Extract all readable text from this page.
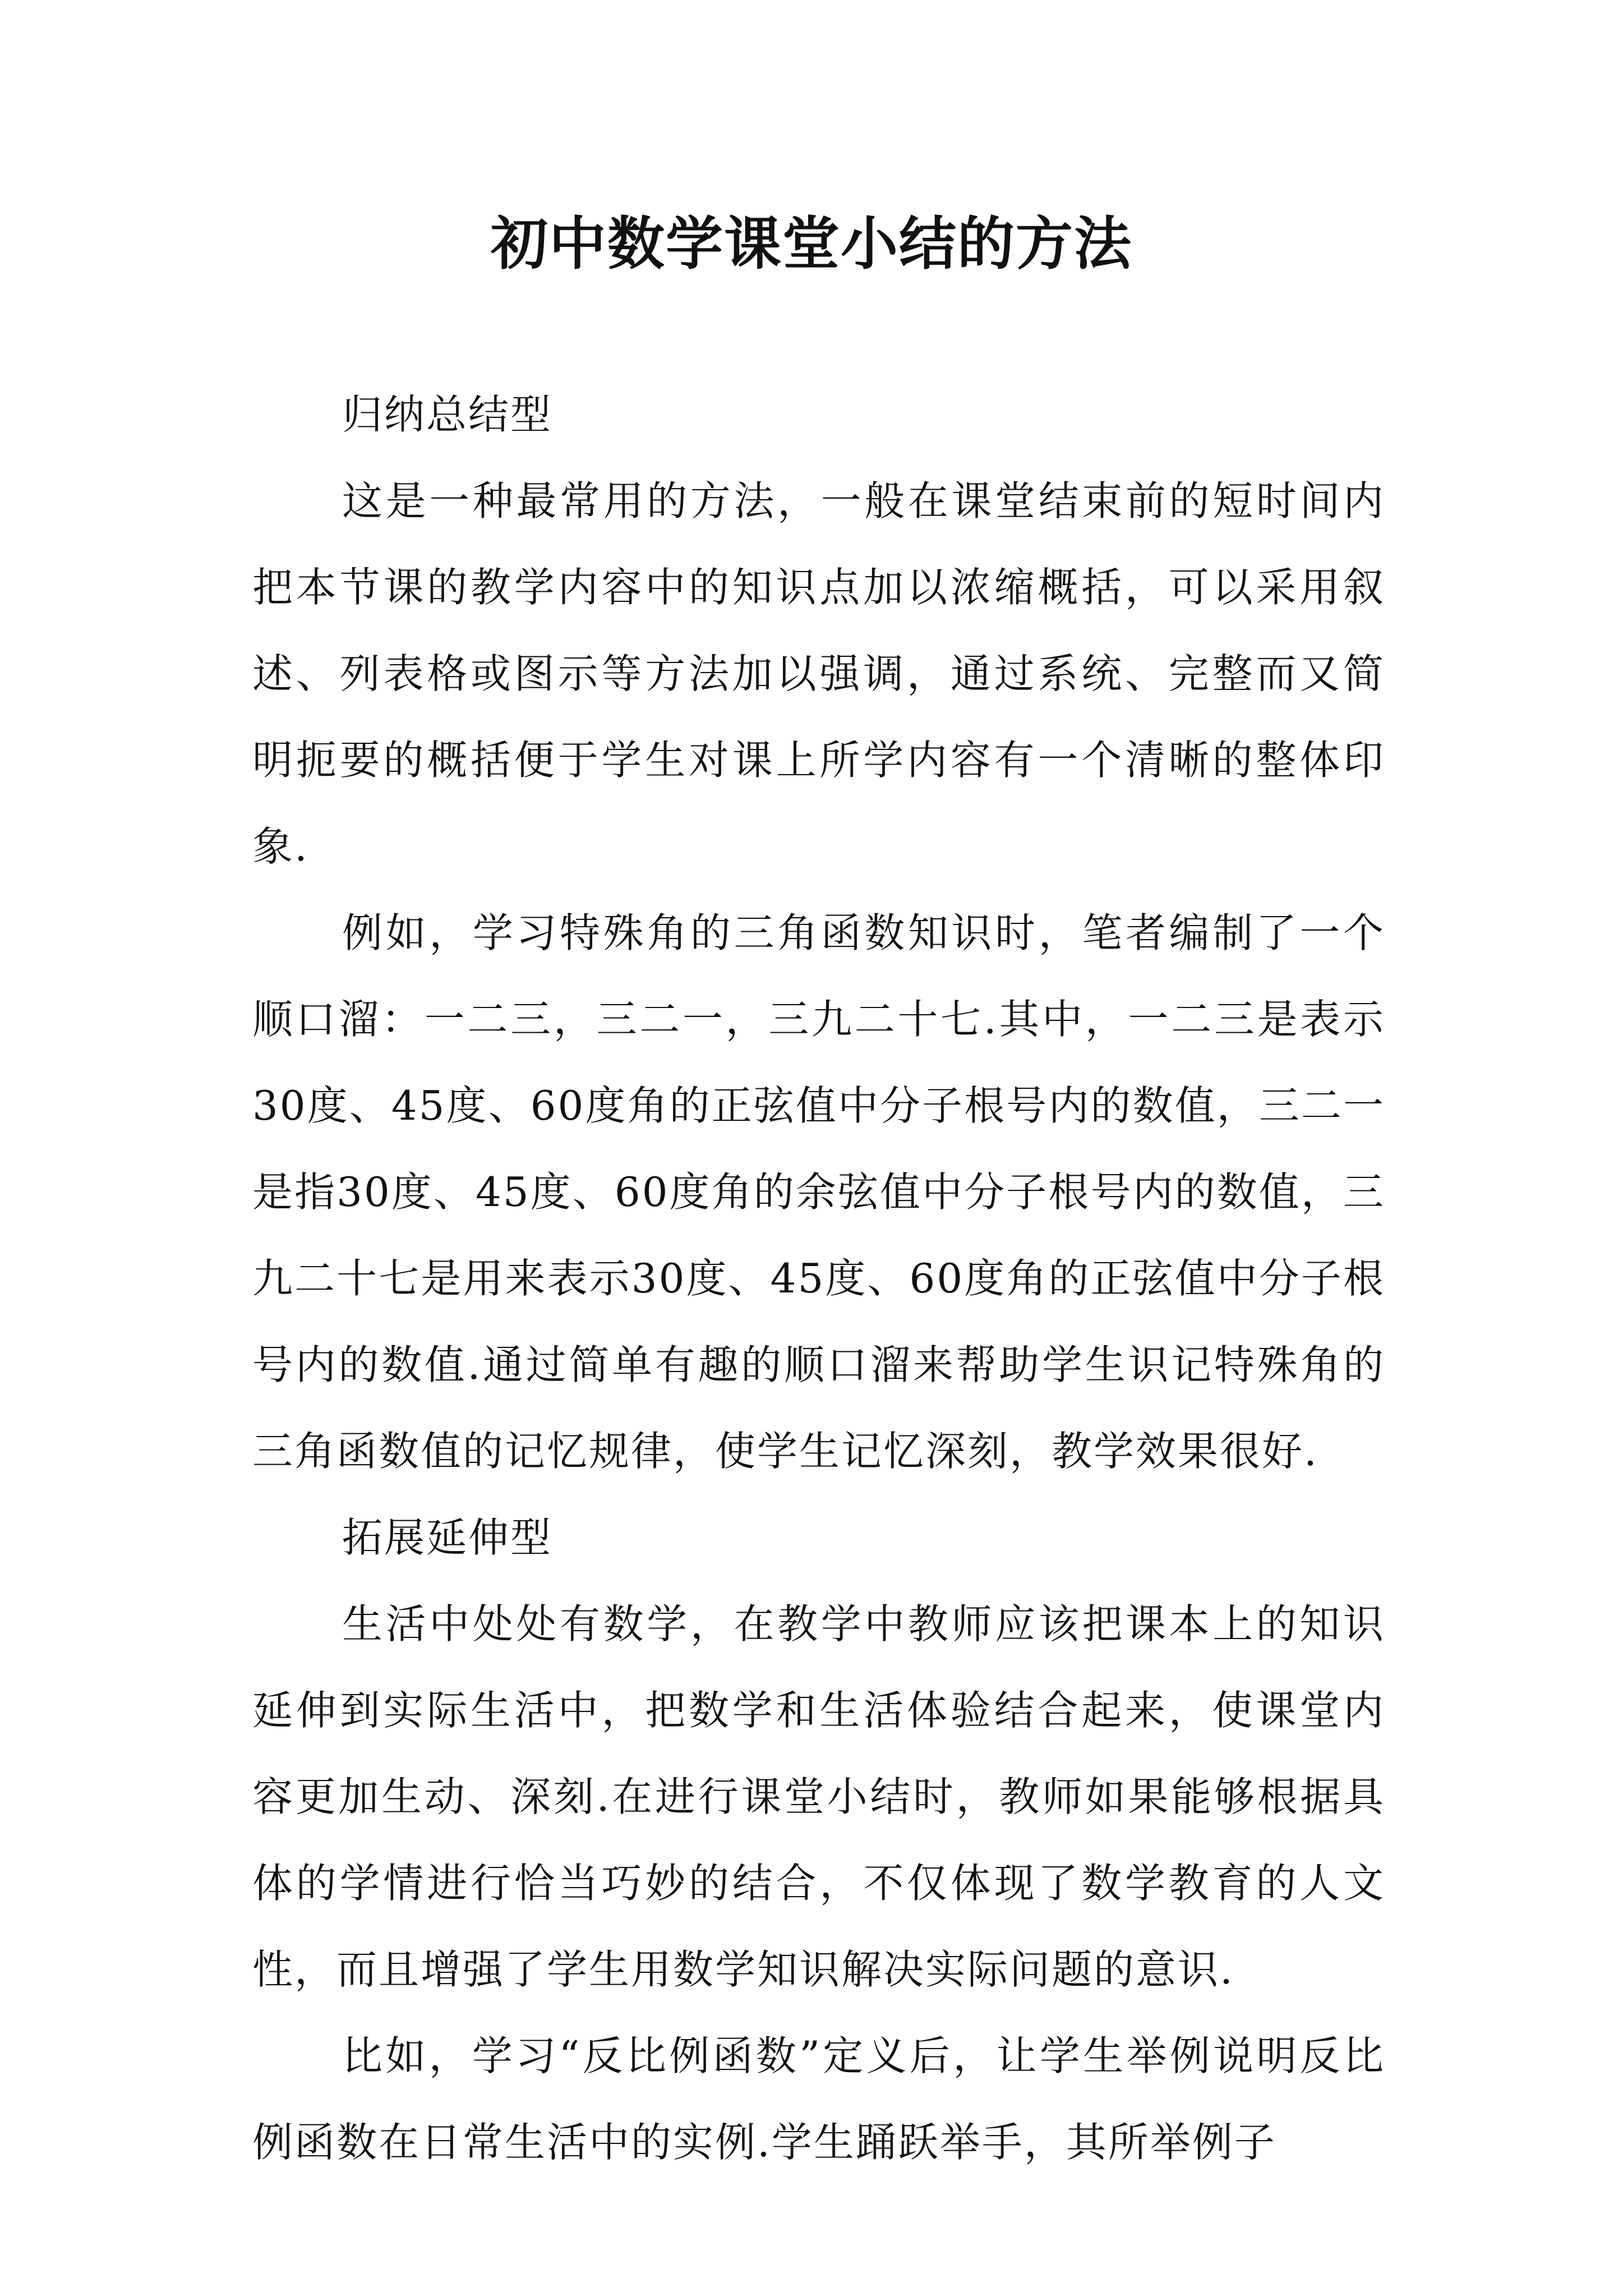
初中数学课堂小结的方法

归纳总结型

这是一种最常用的方法，一般在课堂结束前的短时间内把本节课的教学内容中的知识点加以浓缩概括，可以采用叙述、列表格或图示等方法加以强调，通过系统、完整而又简明扼要的概括便于学生对课上所学内容有一个清晰的整体印象.

例如，学习特殊角的三角函数知识时，笔者编制了一个顺口溜：一二三，三二一，三九二十七.其中，一二三是表示30度、45度、60度角的正弦值中分子根号内的数值，三二一是指30度、45度、60度角的余弦值中分子根号内的数值，三九二十七是用来表示30度、45度、60度角的正弦值中分子根号内的数值.通过简单有趣的顺口溜来帮助学生识记特殊角的三角函数值的记忆规律，使学生记忆深刻，教学效果很好.

拓展延伸型

生活中处处有数学，在教学中教师应该把课本上的知识延伸到实际生活中，把数学和生活体验结合起来，使课堂内容更加生动、深刻.在进行课堂小结时，教师如果能够根据具体的学情进行恰当巧妙的结合，不仅体现了数学教育的人文性，而且增强了学生用数学知识解决实际问题的意识.

比如，学习“反比例函数”定义后，让学生举例说明反比例函数在日常生活中的实例.学生踊跃举手，其所举例子
